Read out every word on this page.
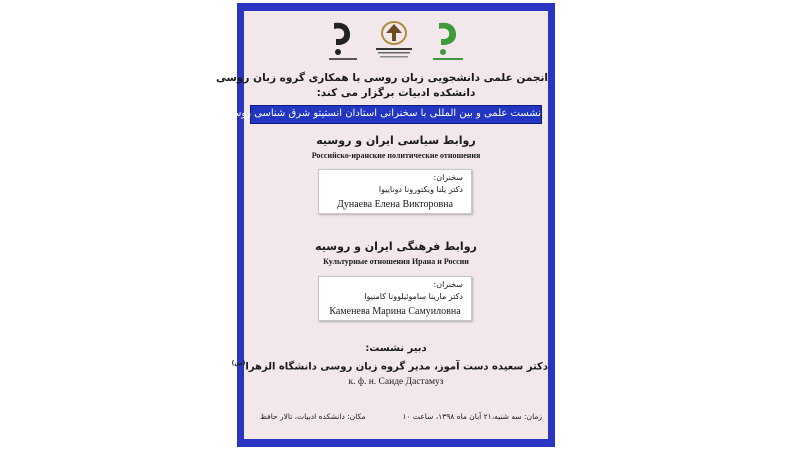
انجمن علمی دانشجویی زبان روسی با همکاری گروه زبان روسی
دانشکده ادبیات برگزار می کند:
نشست علمی و بین المللی با سخنرانی استادان انستیتو شرق شناسی روسیه
روابط سیاسی ایران و روسیه
Российско-иранские политические отношения
سخنران:
دکتر یلنا ویکتورونا دوناییوا
Дунаева Елена Викторовна
روابط فرهنگی ایران و روسیه
Культурные отношения Ирана и России
سخنران:
دکتر مارینا ساموئیلوونا کامنیوا
Каменева Марина Самуиловна
دبیر نشست:
دکتر سعیده دست آموز، مدیر گروه زبان روسی دانشگاه الزهرا$^{(س)}$
к. ф. н. Саиде Дастамуз
مکان: دانشکده ادبیات، تالار حافظ	زمان: سه شنبه،۲۱ آبان ماه ۱۳۹۸، ساعت ۱۰
